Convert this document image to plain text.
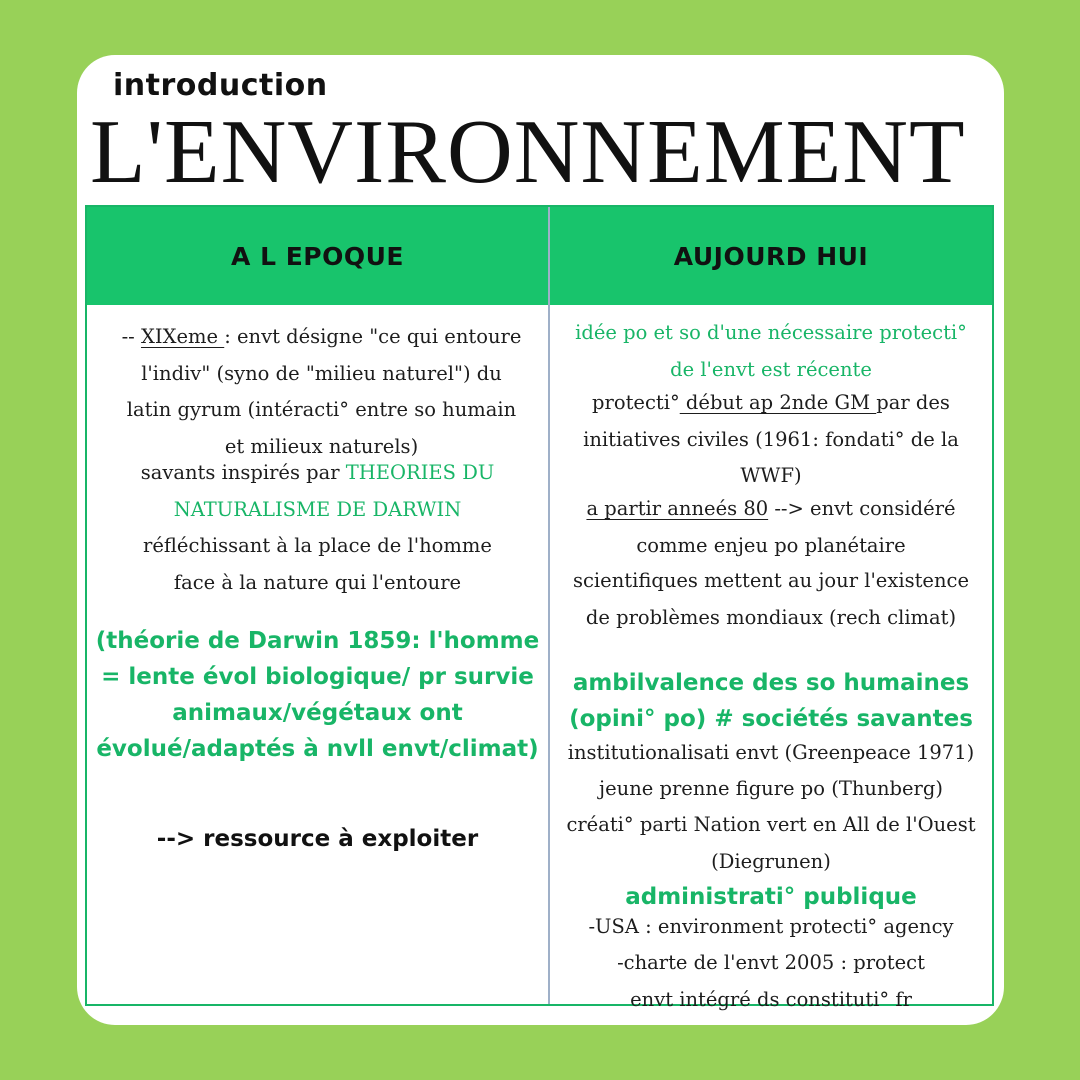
introduction
L'ENVIRONNEMENT
A L EPOQUE	AUJOURD HUI
-- XIXeme : envt désigne "ce qui entoure l'indiv" (syno de "milieu naturel") du latin gyrum (intéracti° entre so humain et milieux naturels)
savants inspirés par THEORIES DU NATURALISME DE DARWIN
réfléchissant à la place de l'homme face à la nature qui l'entoure
(théorie de Darwin 1859: l'homme = lente évol biologique/ pr survie animaux/végétaux ont évolué/adaptés à nvll envt/climat)
--> ressource à exploiter
idée po et so d'une nécessaire protecti° de l'envt est récente
protecti° début ap 2nde GM par des initiatives civiles (1961: fondati° de la WWF)
a partir anneés 80 --> envt considéré comme enjeu po planétaire
scientifiques mettent au jour l'existence de problèmes mondiaux (rech climat)
ambilvalence des so humaines (opini° po) # sociétés savantes
institutionalisati envt (Greenpeace 1971)
jeune prenne figure po (Thunberg)
créati° parti Nation vert en All de l'Ouest (Diegrunen)
administrati° publique
-USA : environment protecti° agency
-charte de l'envt 2005 : protect envt intégré ds constituti° fr
